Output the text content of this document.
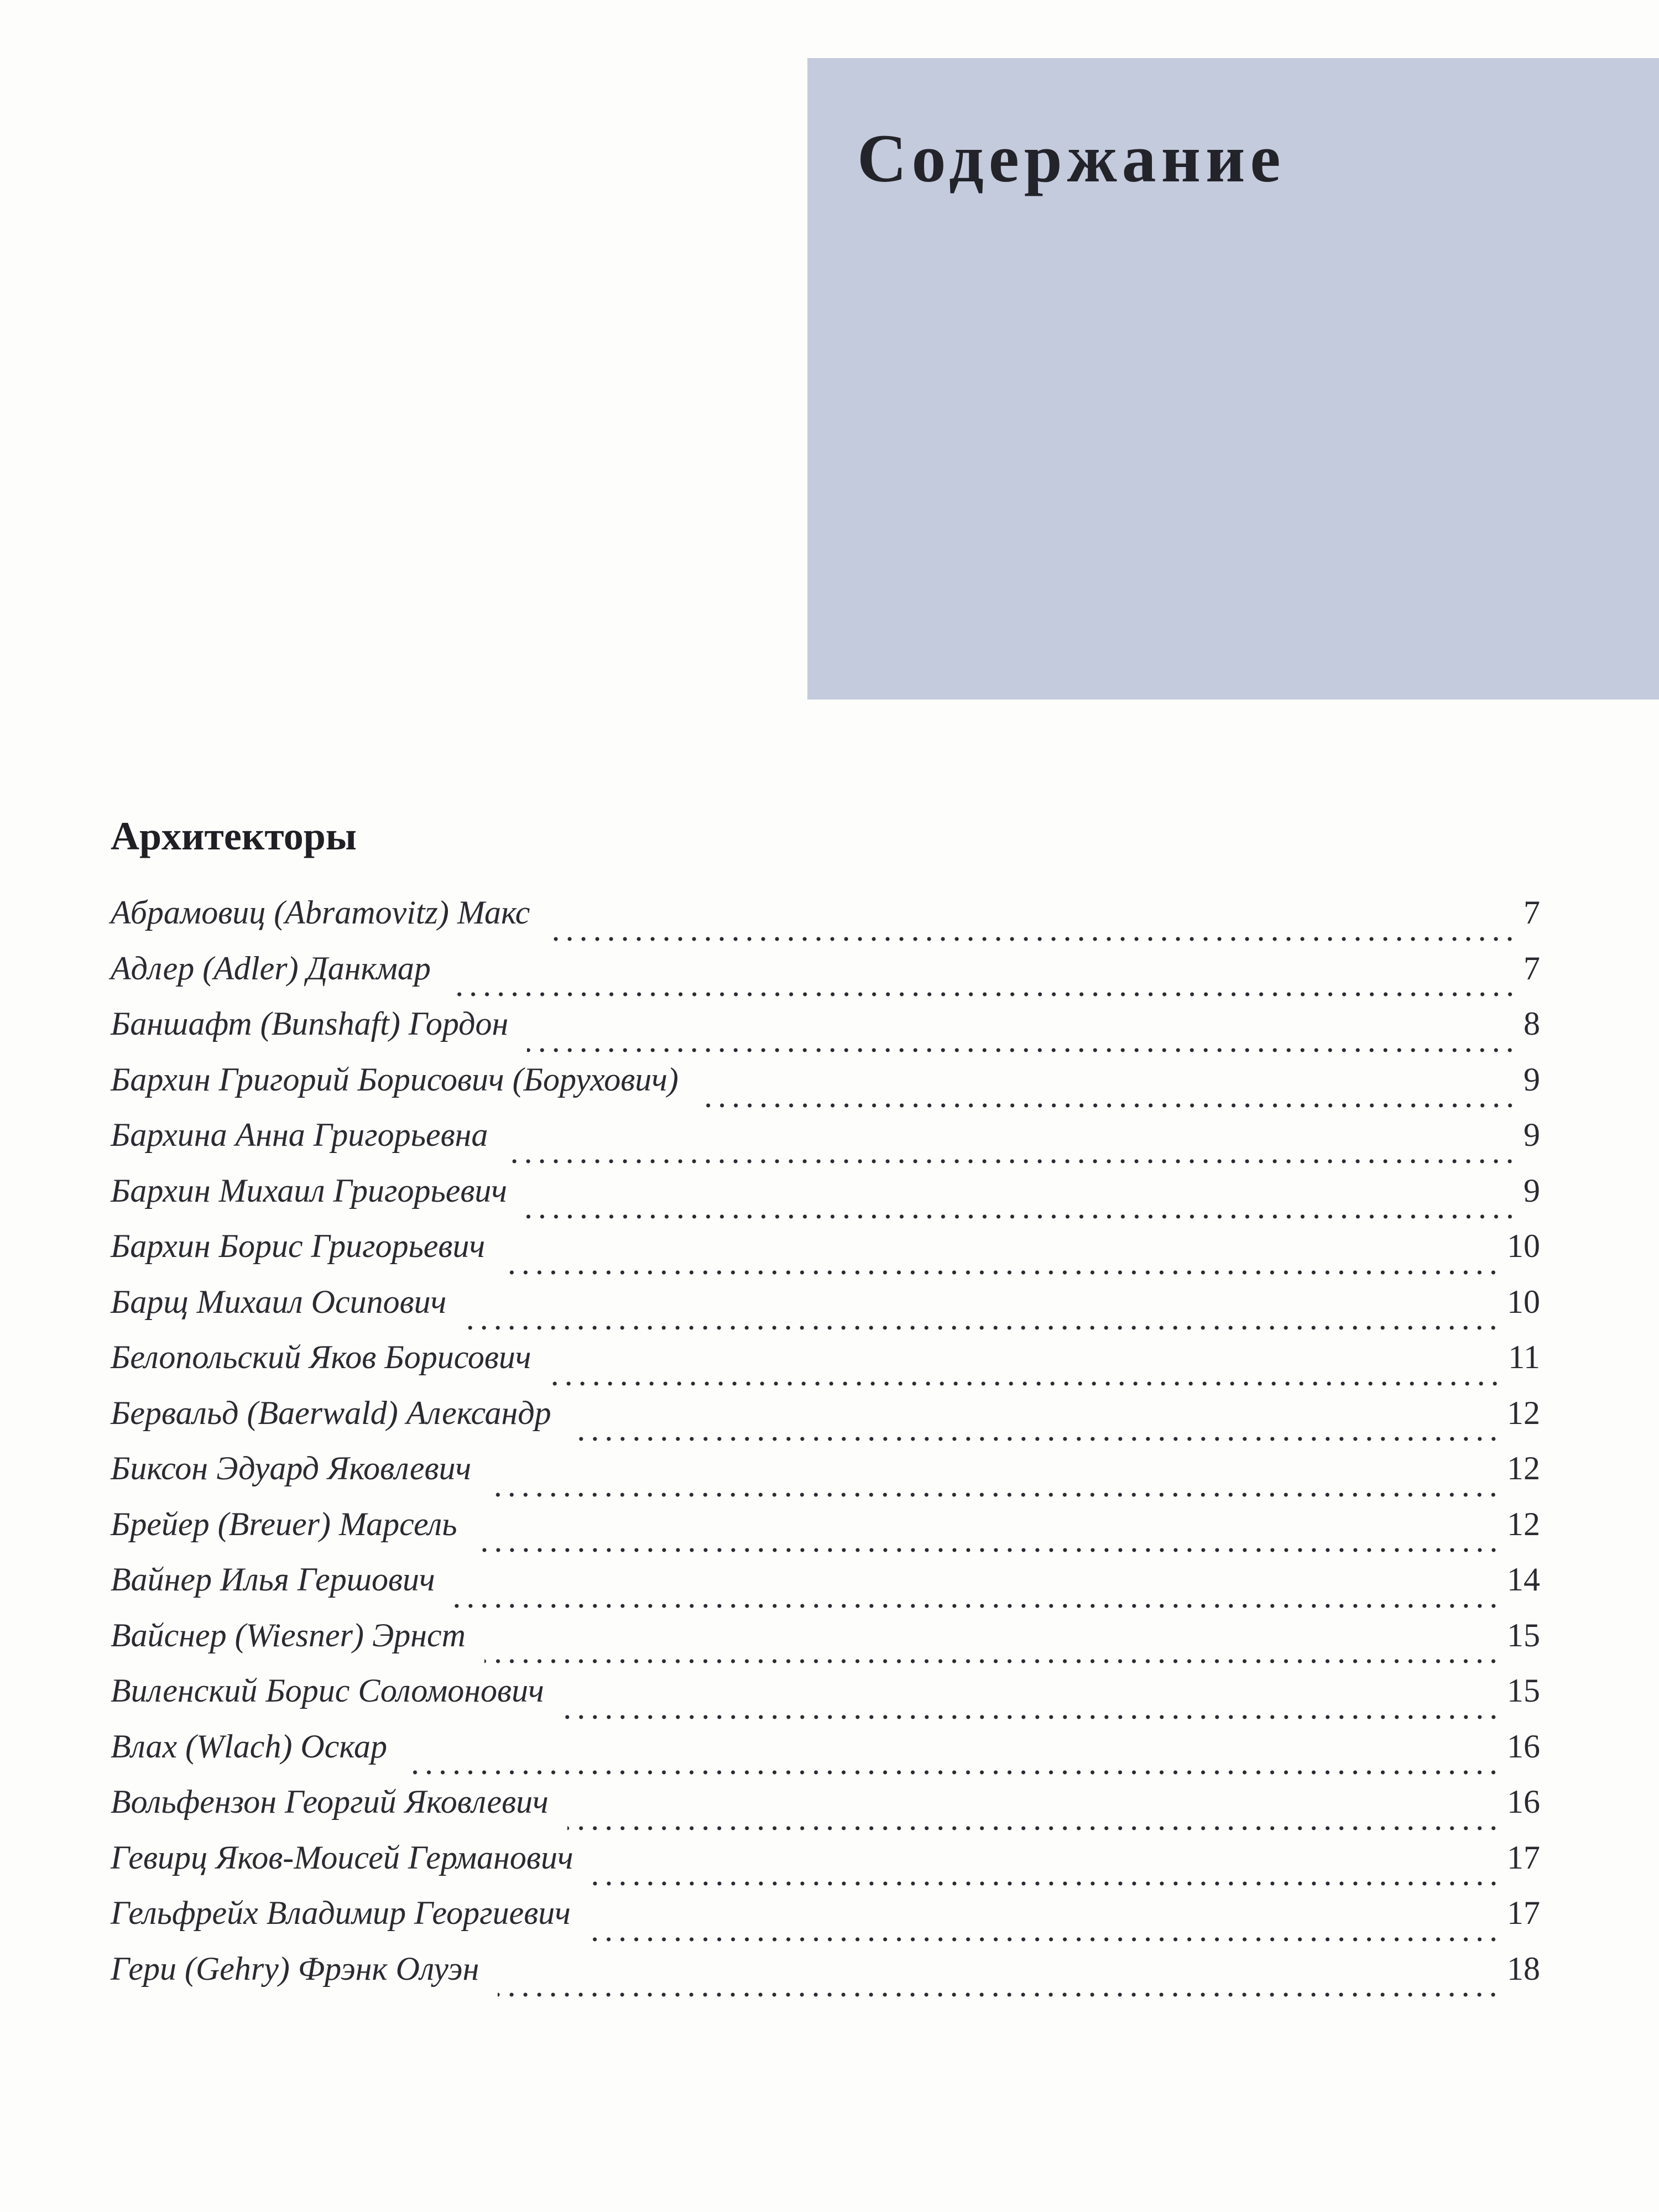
Содержание
Архитекторы
Абрамовиц (Abramovitz) Макс	7
Адлер (Adler) Данкмар	7
Баншафт (Bunshaft) Гордон	8
Бархин Григорий Борисович (Борухович)	9
Бархина Анна Григорьевна	9
Бархин Михаил Григорьевич	9
Бархин Борис Григорьевич	10
Барщ Михаил Осипович	10
Белопольский Яков Борисович	11
Бервальд (Baerwald) Александр	12
Биксон Эдуард Яковлевич	12
Брейер (Breuer) Марсель	12
Вайнер Илья Гершович	14
Вайснер (Wiesner) Эрнст	15
Виленский Борис Соломонович	15
Влах (Wlach) Оскар	16
Вольфензон Георгий Яковлевич	16
Гевирц Яков-Моисей Германович	17
Гельфрейх Владимир Георгиевич	17
Гери (Gehry) Фрэнк Олуэн	18
